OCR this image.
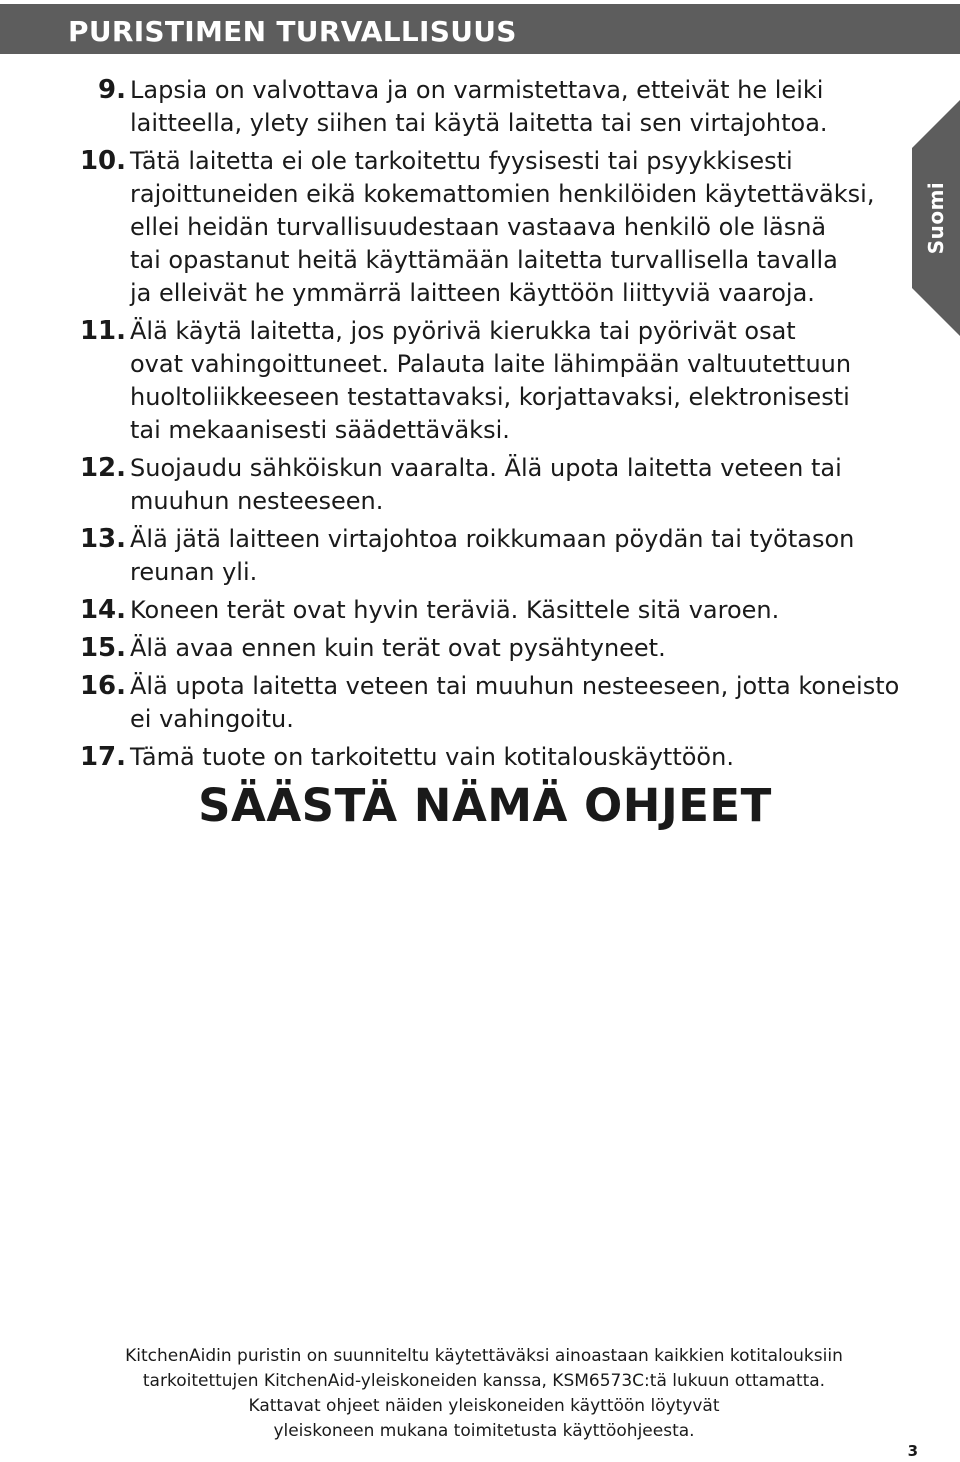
PURISTIMEN TURVALLISUUS
Suomi
9. Lapsia on valvottava ja on varmistettava, etteivät he leiki
laitteella, ylety siihen tai käytä laitetta tai sen virtajohtoa.
10. Tätä laitetta ei ole tarkoitettu fyysisesti tai psyykkisesti
rajoittuneiden eikä kokemattomien henkilöiden käytettäväksi,
ellei heidän turvallisuudestaan vastaava henkilö ole läsnä
tai opastanut heitä käyttämään laitetta turvallisella tavalla
ja elleivät he ymmärrä laitteen käyttöön liittyviä vaaroja.
11. Älä käytä laitetta, jos pyörivä kierukka tai pyörivät osat
ovat vahingoittuneet. Palauta laite lähimpään valtuutettuun
huoltoliikkeeseen testattavaksi, korjattavaksi, elektronisesti
tai mekaanisesti säädettäväksi.
12. Suojaudu sähköiskun vaaralta. Älä upota laitetta veteen tai
muuhun nesteeseen.
13. Älä jätä laitteen virtajohtoa roikkumaan pöydän tai työtason
reunan yli.
14. Koneen terät ovat hyvin teräviä. Käsittele sitä varoen.
15. Älä avaa ennen kuin terät ovat pysähtyneet.
16. Älä upota laitetta veteen tai muuhun nesteeseen, jotta koneisto
ei vahingoitu.
17. Tämä tuote on tarkoitettu vain kotitalouskäyttöön.
SÄÄSTÄ NÄMÄ OHJEET

KitchenAidin puristin on suunniteltu käytettäväksi ainoastaan kaikkien kotitalouksiin

tarkoitettujen KitchenAid-yleiskoneiden kanssa, KSM6573C:tä lukuun ottamatta.

Kattavat ohjeet näiden yleiskoneiden käyttöön löytyvät

yleiskoneen mukana toimitetusta käyttöohjeesta.

3
